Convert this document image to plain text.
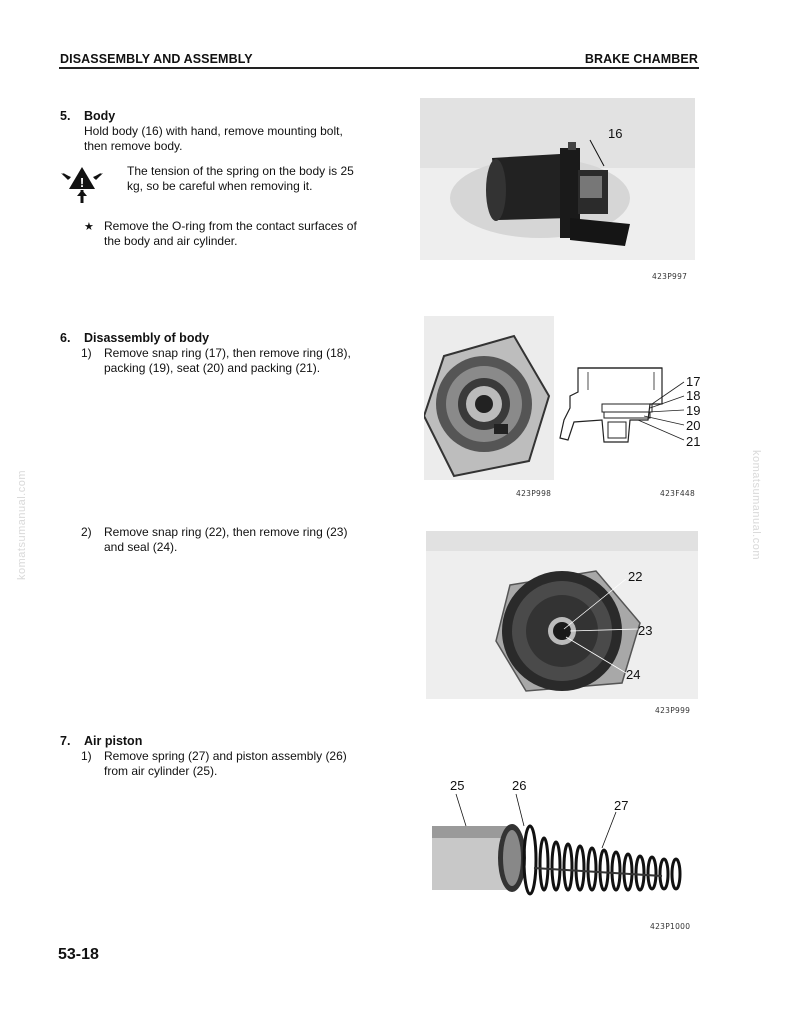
DISASSEMBLY AND ASSEMBLY	BRAKE CHAMBER
komatsumanual.com	komatsumanual.com
5. Body
Hold body (16) with hand, remove mounting bolt,
then remove body.
!
The tension of the spring on the body is 25
kg, so be careful when removing it.
★ Remove the O-ring from the contact surfaces of
the body and air cylinder.
16
423P997
6. Disassembly of body
1) Remove snap ring (17), then remove ring (18),
packing (19), seat (20) and packing (21).
17
18
19
20
21
423P998	423F448
2) Remove snap ring (22), then remove ring (23)
and seal (24).
22
23
24
423P999
7. Air piston
1) Remove spring (27) and piston assembly (26)
from air cylinder (25).
25	26
27
423P1000
53-18
